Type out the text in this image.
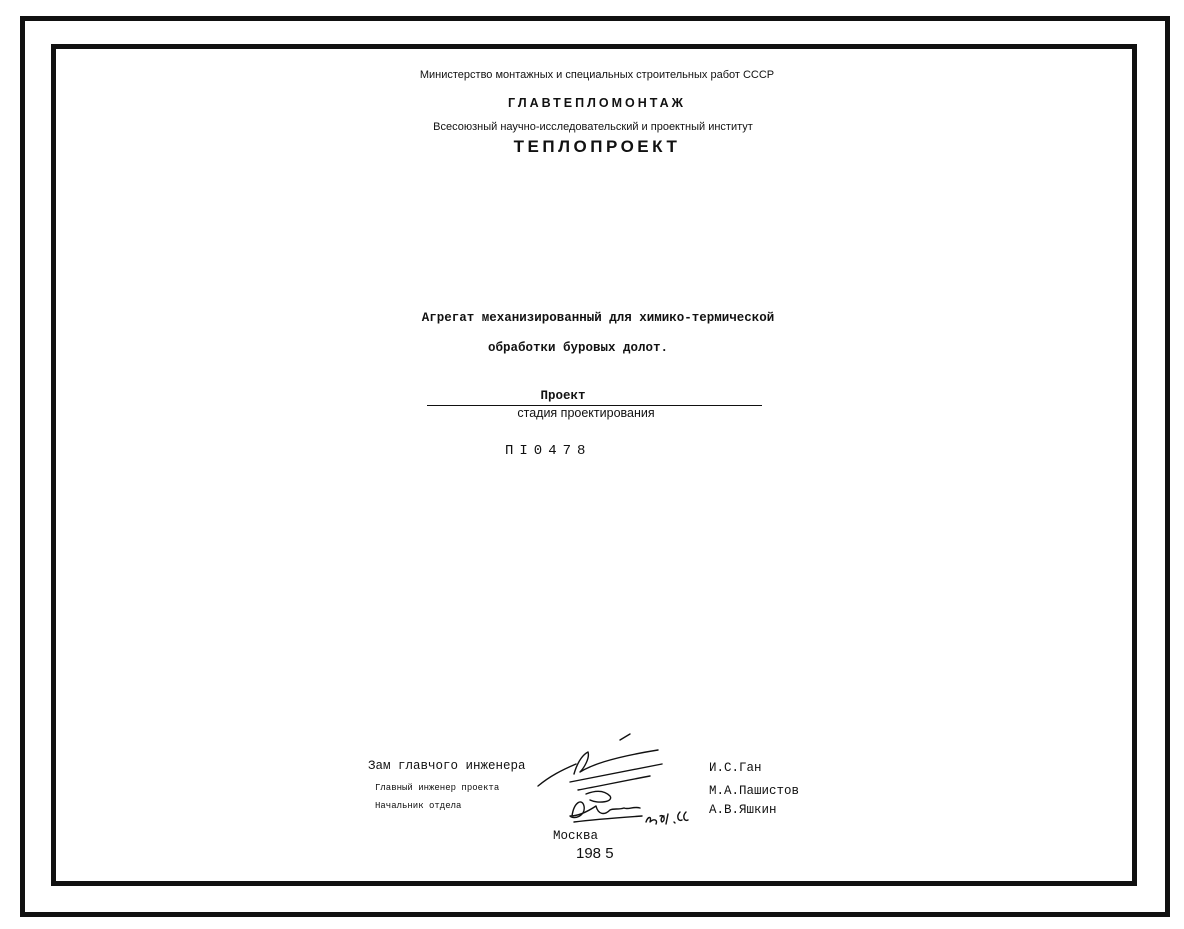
Министерство монтажных и специальных строительных работ СССР
ГЛАВТЕПЛОМОНТАЖ
Всесоюзный научно-исследовательский и проектный институт
ТЕПЛОПРОЕКТ
Агрегат механизированный для химико-термической
обработки буровых долот.
Проект
стадия проектирования
ПI0478
Зам главчого инженера
Главный инженер проекта
Начальник отдела
И.С.Ган
М.А.Пашистов
А.В.Яшкин
Москва
198 5
